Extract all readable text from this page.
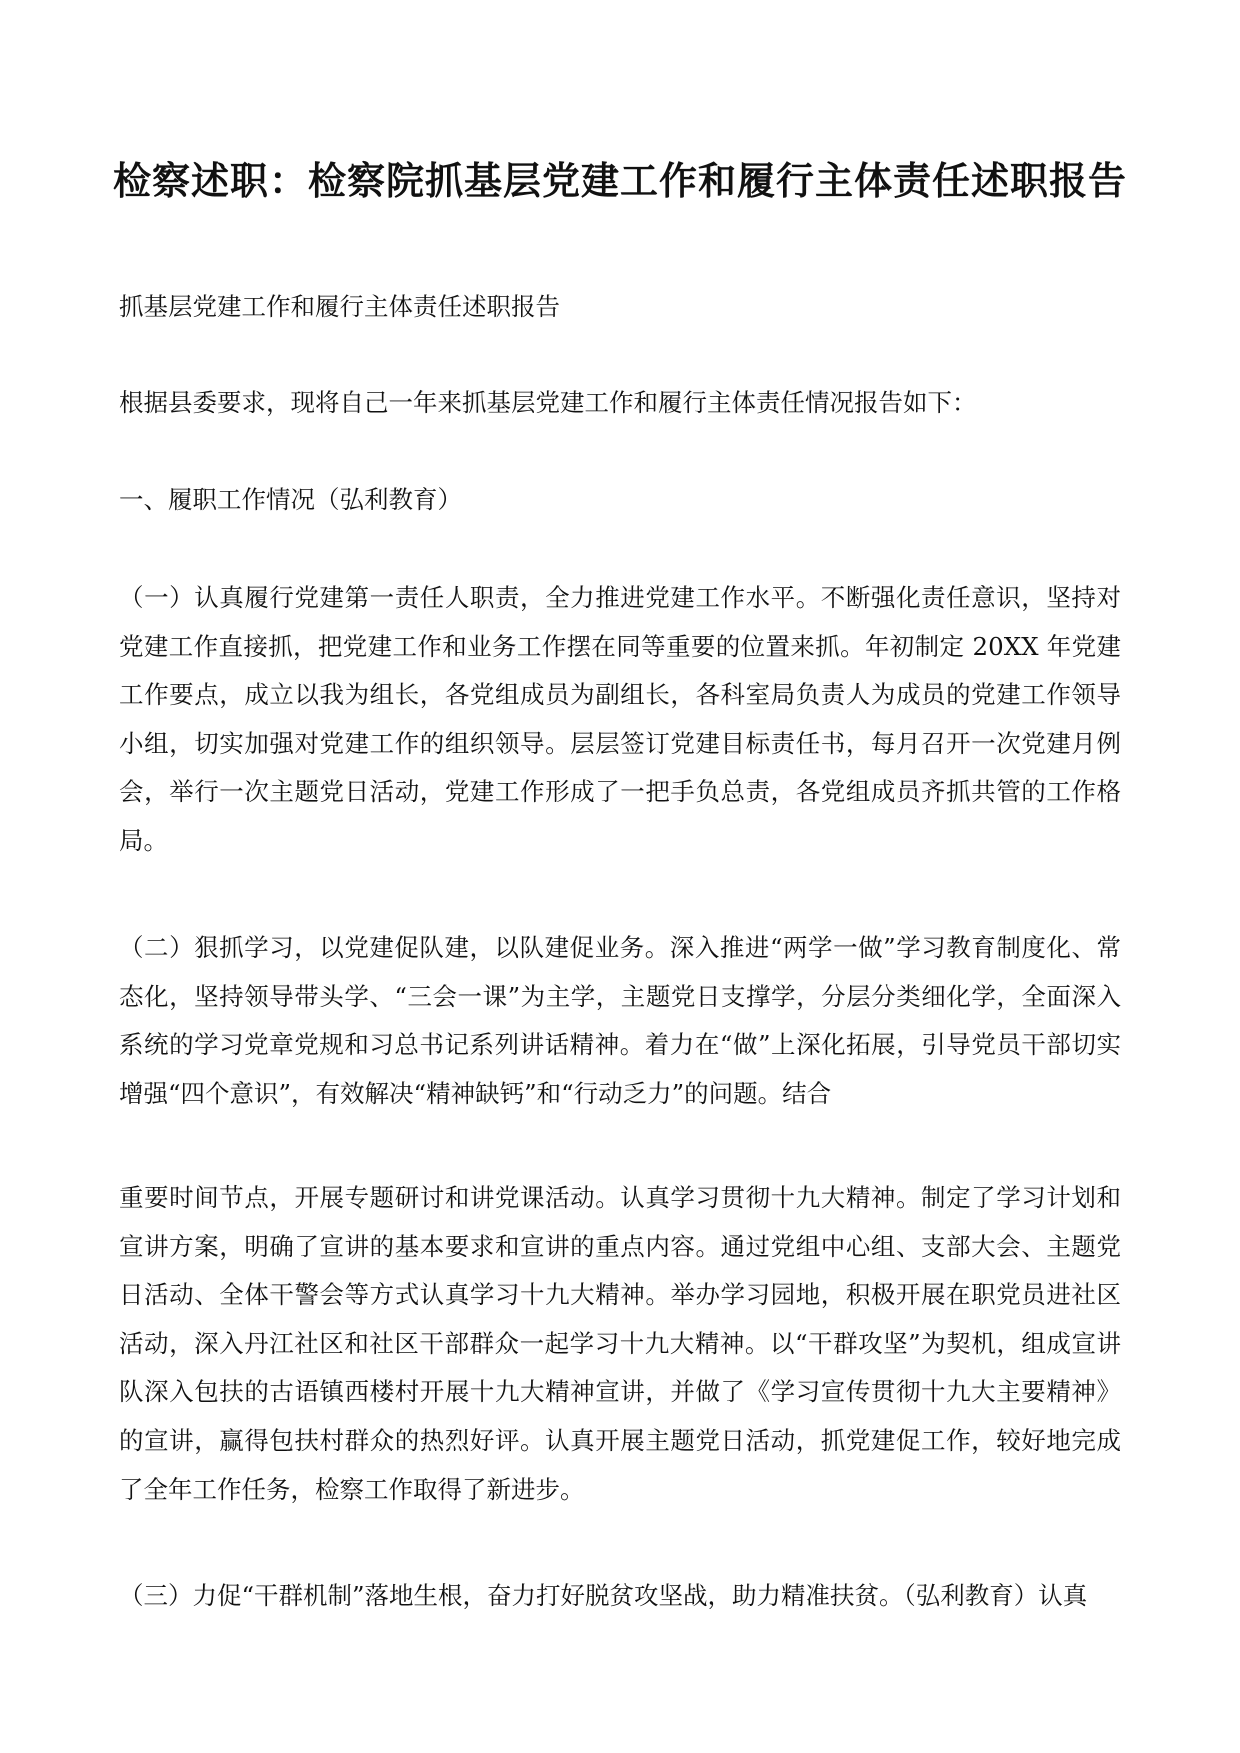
检察述职：检察院抓基层党建工作和履行主体责任述职报告

抓基层党建工作和履行主体责任述职报告

根据县委要求，现将自己一年来抓基层党建工作和履行主体责任情况报告如下：

一、履职工作情况（弘利教育）

（一）认真履行党建第一责任人职责，全力推进党建工作水平。不断强化责任意识，坚持对党建工作直接抓，把党建工作和业务工作摆在同等重要的位置来抓。年初制定 20XX 年党建工作要点，成立以我为组长，各党组成员为副组长，各科室局负责人为成员的党建工作领导小组，切实加强对党建工作的组织领导。层层签订党建目标责任书，每月召开一次党建月例会，举行一次主题党日活动，党建工作形成了一把手负总责，各党组成员齐抓共管的工作格局。

（二）狠抓学习，以党建促队建，以队建促业务。深入推进“两学一做”学习教育制度化、常态化，坚持领导带头学、“三会一课”为主学，主题党日支撑学，分层分类细化学，全面深入系统的学习党章党规和习总书记系列讲话精神。着力在“做”上深化拓展，引导党员干部切实增强“四个意识”，有效解决“精神缺钙”和“行动乏力”的问题。结合

重要时间节点，开展专题研讨和讲党课活动。认真学习贯彻十九大精神。制定了学习计划和宣讲方案，明确了宣讲的基本要求和宣讲的重点内容。通过党组中心组、支部大会、主题党日活动、全体干警会等方式认真学习十九大精神。举办学习园地，积极开展在职党员进社区活动，深入丹江社区和社区干部群众一起学习十九大精神。以“干群攻坚”为契机，组成宣讲队深入包扶的古语镇西楼村开展十九大精神宣讲，并做了《学习宣传贯彻十九大主要精神》的宣讲，赢得包扶村群众的热烈好评。认真开展主题党日活动，抓党建促工作，较好地完成了全年工作任务，检察工作取得了新进步。

（三）力促“干群机制”落地生根，奋力打好脱贫攻坚战，助力精准扶贫。（弘利教育）认真
